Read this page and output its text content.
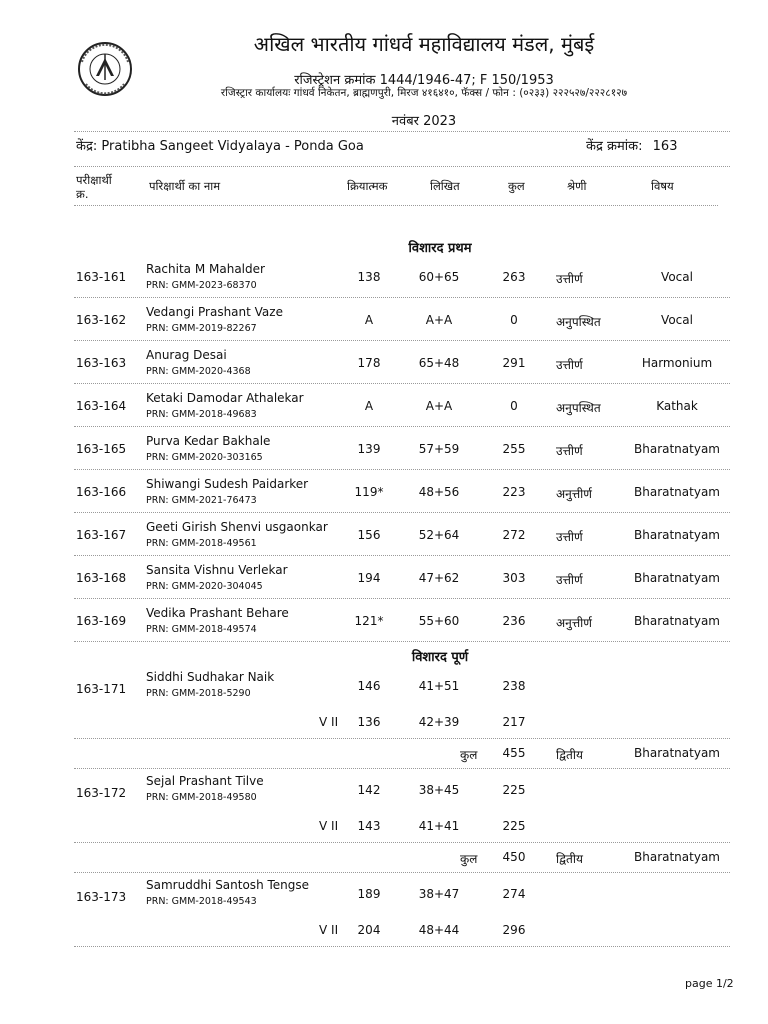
अखिल भारतीय गांधर्व महाविद्यालय मंडल, मुंबई
रजिस्ट्रेशन क्रमांक 1444/1946-47; F 150/1953
रजिस्ट्रार कार्यालयः गांधर्व निकेतन, ब्राह्मणपुरी, मिरज ४१६४१०, फॅक्स / फोन : (०२३३) २२२५२७/२२२८१२७
नवंबर 2023
केंद्र: Pratibha Sangeet Vidyalaya - Ponda Goa	केंद्र क्रमांक: 163
परीक्षार्थी
क्र.
परिक्षार्थी का नाम	क्रियात्मक	लिखित	कुल	श्रेणी	विषय
विशारद प्रथम
163-161
Rachita M Mahalder
PRN: GMM-2023-68370
138	60+65	263	उत्तीर्ण	Vocal
163-162
Vedangi Prashant Vaze
PRN: GMM-2019-82267
A	A+A	0	अनुपस्थित	Vocal
163-163
Anurag Desai
PRN: GMM-2020-4368
178	65+48	291	उत्तीर्ण	Harmonium
163-164
Ketaki Damodar Athalekar
PRN: GMM-2018-49683
A	A+A	0	अनुपस्थित	Kathak
163-165
Purva Kedar Bakhale
PRN: GMM-2020-303165
139	57+59	255	उत्तीर्ण	Bharatnatyam
163-166
Shiwangi Sudesh Paidarker
PRN: GMM-2021-76473
119*	48+56	223	अनुत्तीर्ण	Bharatnatyam
163-167
Geeti Girish Shenvi usgaonkar
PRN: GMM-2018-49561
156	52+64	272	उत्तीर्ण	Bharatnatyam
163-168
Sansita Vishnu Verlekar
PRN: GMM-2020-304045
194	47+62	303	उत्तीर्ण	Bharatnatyam
163-169
Vedika Prashant Behare
PRN: GMM-2018-49574
121*	55+60	236	अनुत्तीर्ण	Bharatnatyam
विशारद पूर्ण
163-171
Siddhi Sudhakar Naik
PRN: GMM-2018-5290
146	41+51	238
V II	136	42+39	217
कुल	455	द्वितीय	Bharatnatyam
163-172
Sejal Prashant Tilve
PRN: GMM-2018-49580
142	38+45	225
V II	143	41+41	225
कुल	450	द्वितीय	Bharatnatyam
163-173
Samruddhi Santosh Tengse
PRN: GMM-2018-49543
189	38+47	274
V II	204	48+44	296
page 1/2
